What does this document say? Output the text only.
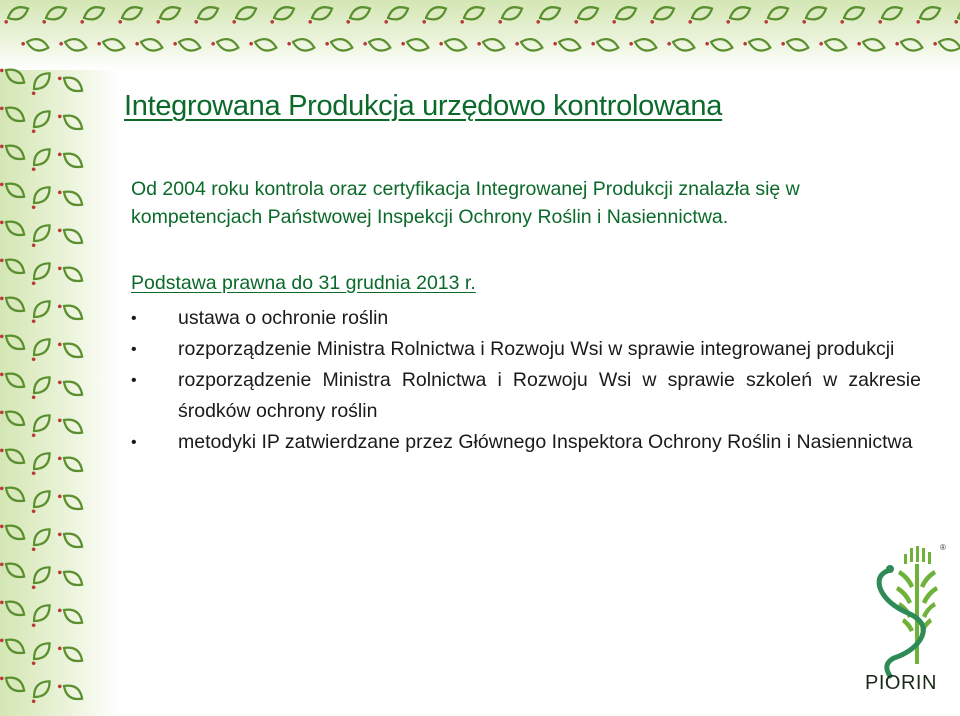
Integrowana Produkcja urzędowo kontrolowana

Od 2004 roku kontrola oraz certyfikacja Integrowanej Produkcji znalazła się w kompetencjach Państwowej Inspekcji Ochrony Roślin i Nasiennictwa.

Podstawa prawna do 31 grudnia 2013 r.

• ustawa o ochronie roślin
• rozporządzenie Ministra Rolnictwa i Rozwoju Wsi w sprawie integrowanej produkcji
• rozporządzenie Ministra Rolnictwa i Rozwoju Wsi w sprawie szkoleń w zakresie środków ochrony roślin
• metodyki IP zatwierdzane przez Głównego Inspektora Ochrony Roślin i Nasiennictwa
®

PIORIN
